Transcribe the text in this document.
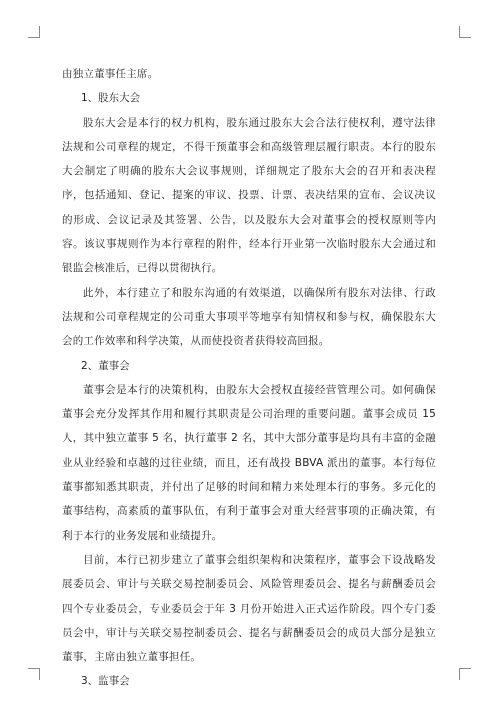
由独立董事任主席。

1、股东大会

股东大会是本行的权力机构，股东通过股东大会合法行使权利，遵守法律法规和公司章程的规定，不得干预董事会和高级管理层履行职责。本行的股东大会制定了明确的股东大会议事规则，详细规定了股东大会的召开和表决程序，包括通知、登记、提案的审议、投票、计票、表决结果的宣布、会议决议的形成、会议记录及其签署、公告，以及股东大会对董事会的授权原则等内容。该议事规则作为本行章程的附件，经本行开业第一次临时股东大会通过和银监会核准后，已得以贯彻执行。

此外，本行建立了和股东沟通的有效渠道，以确保所有股东对法律、行政法规和公司章程规定的公司重大事项平等地享有知情权和参与权，确保股东大会的工作效率和科学决策，从而使投资者获得较高回报。

2、董事会

董事会是本行的决策机构，由股东大会授权直接经营管理公司。如何确保董事会充分发挥其作用和履行其职责是公司治理的重要问题。董事会成员 15 人，其中独立董事 5 名，执行董事 2 名，其中大部分董事是均具有丰富的金融业从业经验和卓越的过往业绩，而且，还有战投 BBVA 派出的董事。本行每位董事都知悉其职责，并付出了足够的时间和精力来处理本行的事务。多元化的董事结构，高素质的董事队伍，有利于董事会对重大经营事项的正确决策，有利于本行的业务发展和业绩提升。

目前，本行已初步建立了董事会组织架构和决策程序，董事会下设战略发展委员会、审计与关联交易控制委员会、风险管理委员会、提名与薪酬委员会四个专业委员会，专业委员会于年 3 月份开始进入正式运作阶段。四个专门委员会中，审计与关联交易控制委员会、提名与薪酬委员会的成员大部分是独立董事，主席由独立董事担任。

3、监事会
